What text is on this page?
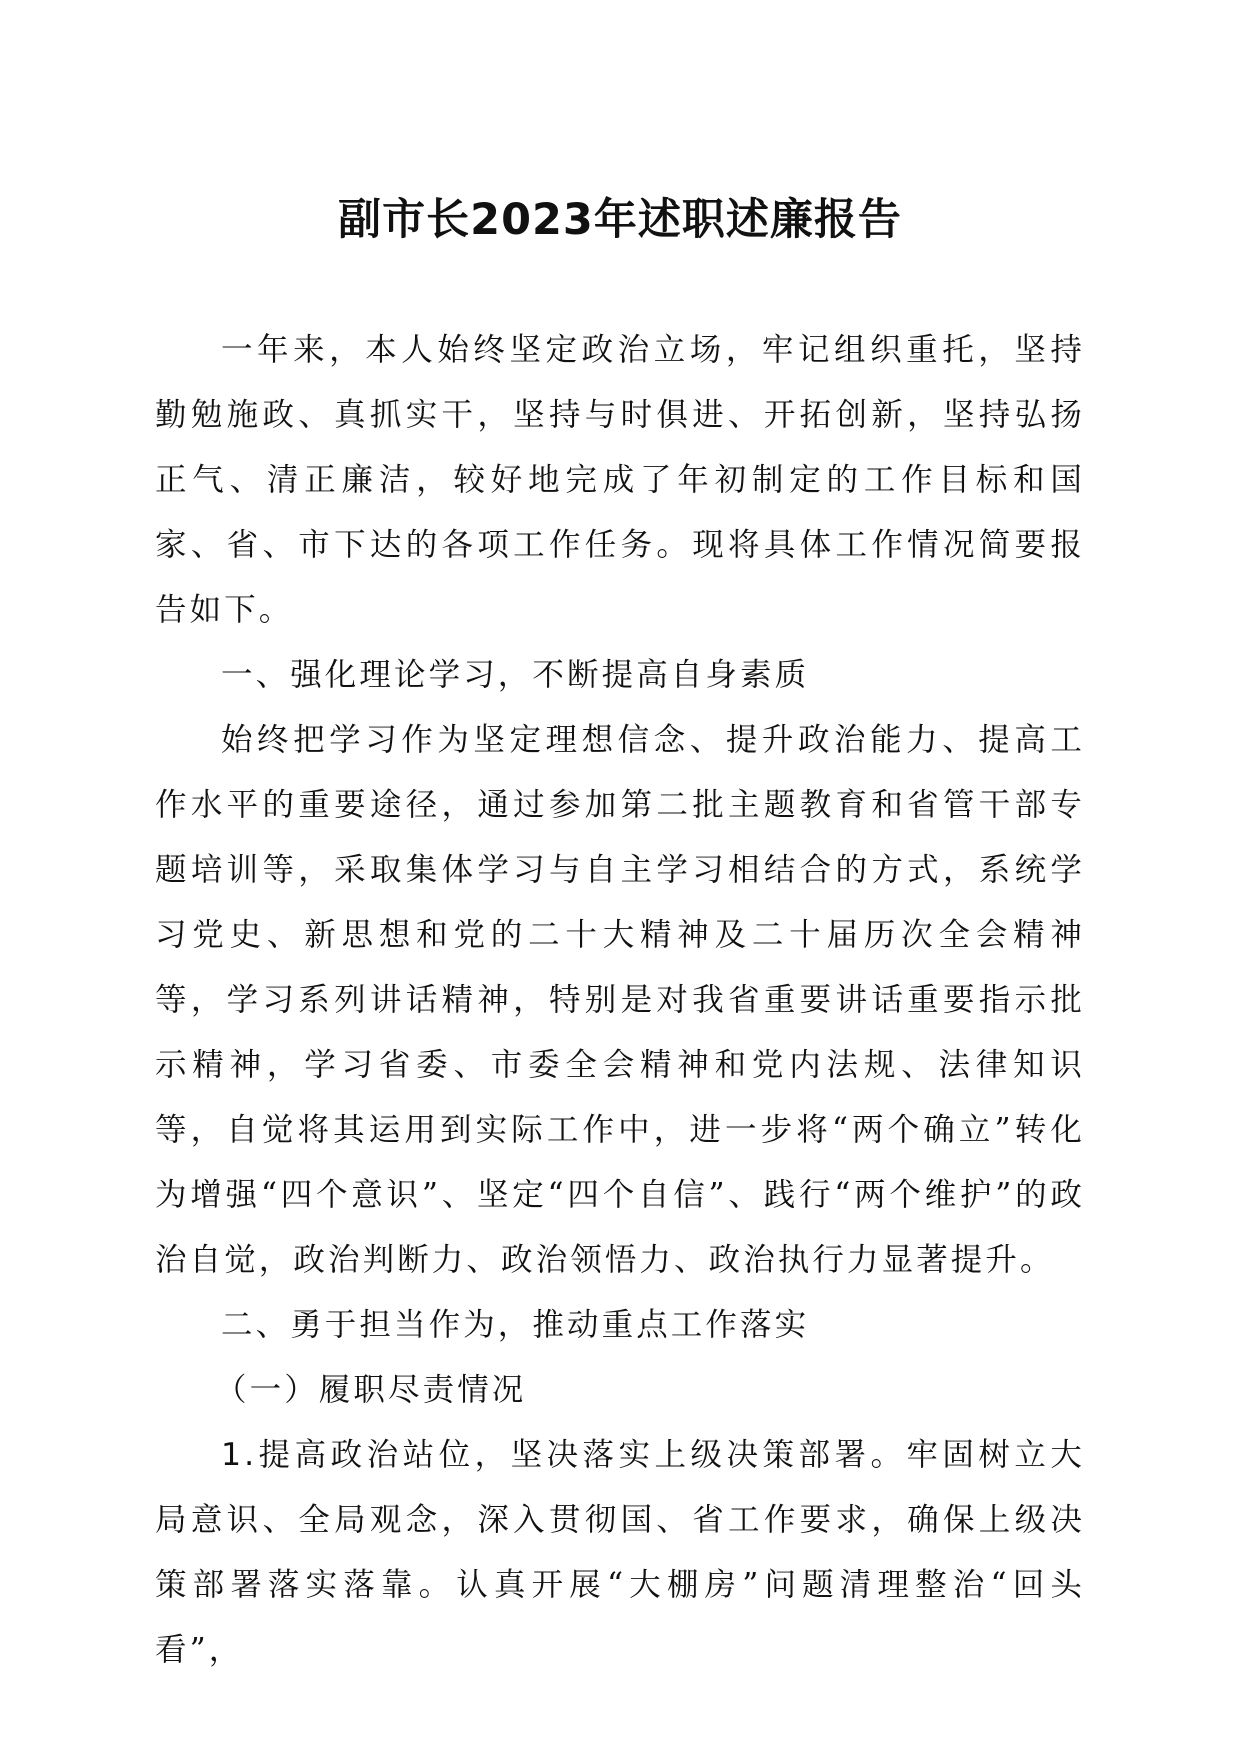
副市长2023年述职述廉报告

一年来，本人始终坚定政治立场，牢记组织重托，坚持勤勉施政、真抓实干，坚持与时俱进、开拓创新，坚持弘扬正气、清正廉洁，较好地完成了年初制定的工作目标和国家、省、市下达的各项工作任务。现将具体工作情况简要报告如下。

一、强化理论学习，不断提高自身素质

始终把学习作为坚定理想信念、提升政治能力、提高工作水平的重要途径，通过参加第二批主题教育和省管干部专题培训等，采取集体学习与自主学习相结合的方式，系统学习党史、新思想和党的二十大精神及二十届历次全会精神等，学习系列讲话精神，特别是对我省重要讲话重要指示批示精神，学习省委、市委全会精神和党内法规、法律知识等，自觉将其运用到实际工作中，进一步将“两个确立”转化为增强“四个意识”、坚定“四个自信”、践行“两个维护”的政治自觉，政治判断力、政治领悟力、政治执行力显著提升。

二、勇于担当作为，推动重点工作落实

（一）履职尽责情况

1.提高政治站位，坚决落实上级决策部署。牢固树立大局意识、全局观念，深入贯彻国、省工作要求，确保上级决策部署落实落靠。认真开展“大棚房”问题清理整治“回头看”，
